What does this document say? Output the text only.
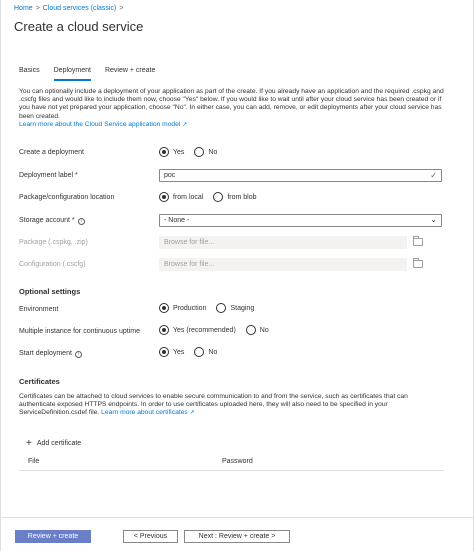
Home > Cloud services (classic) >
Create a cloud service
Basics Deployment Review + create
You can optionally include a deployment of your application as part of the create. If you already have an application and the required .cspkg and .cscfg files and would like to include them now, choose "Yes" below. If you would like to wait until after your cloud service has been created or if you have not yet prepared your application, choose "No". In either case, you can add, remove, or edit deployments after your cloud service has been created.
Learn more about the Cloud Service application model ↗
Create a deployment	Yes	No
Deployment label *	poc	✓
Package/configuration location	from local	from blob
Storage account * i	- None -	⌄
Package (.cspkg, .zip)	Browse for file...
Configuration (.cscfg)	Browse for file...
Optional settings
Environment	Production	Staging
Multiple instance for continuous uptime	Yes (recommended)	No
Start deployment i	Yes	No
Certificates
Certificates can be attached to cloud services to enable secure communication to and from the service, such as certificates that can authenticate exposed HTTPS endpoints. In order to use certificates uploaded here, they will also need to be specified in your ServiceDefinition.csdef file. Learn more about certificates ↗
+ Add certificate
File	Password
Review + create	< Previous	Next : Review + create >
